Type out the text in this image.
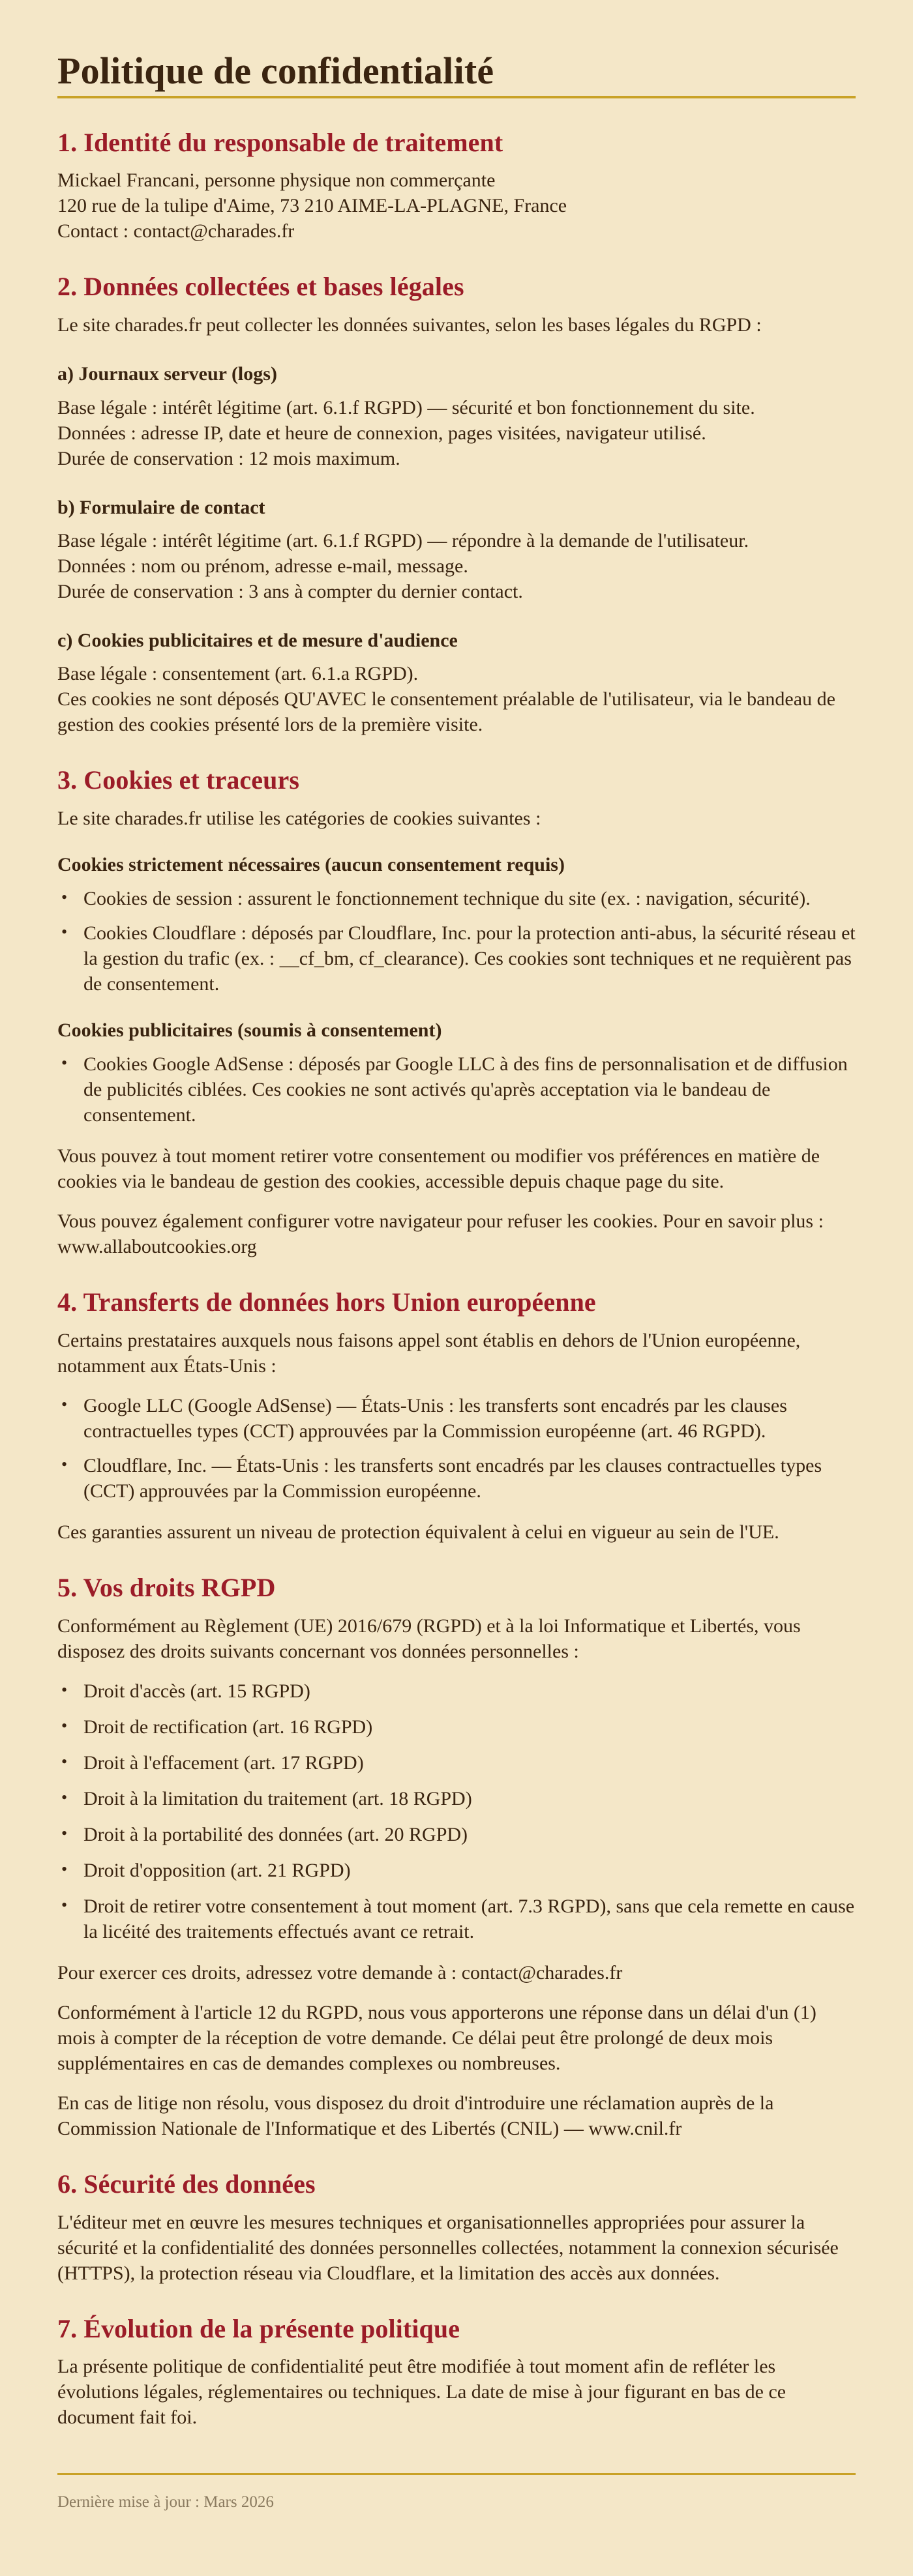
Politique de confidentialité
1. Identité du responsable de traitement

Mickael Francani, personne physique non commerçante
120 rue de la tulipe d'Aime, 73 210 AIME-LA-PLAGNE, France
Contact : contact@charades.fr

2. Données collectées et bases légales

Le site charades.fr peut collecter les données suivantes, selon les bases légales du RGPD :

a) Journaux serveur (logs)

Base légale : intérêt légitime (art. 6.1.f RGPD) — sécurité et bon fonctionnement du site.
Données : adresse IP, date et heure de connexion, pages visitées, navigateur utilisé.
Durée de conservation : 12 mois maximum.

b) Formulaire de contact

Base légale : intérêt légitime (art. 6.1.f RGPD) — répondre à la demande de l'utilisateur.
Données : nom ou prénom, adresse e-mail, message.
Durée de conservation : 3 ans à compter du dernier contact.

c) Cookies publicitaires et de mesure d'audience

Base légale : consentement (art. 6.1.a RGPD).
Ces cookies ne sont déposés QU'AVEC le consentement préalable de l'utilisateur, via le bandeau de gestion des cookies présenté lors de la première visite.

3. Cookies et traceurs

Le site charades.fr utilise les catégories de cookies suivantes :

Cookies strictement nécessaires (aucun consentement requis)
• Cookies de session : assurent le fonctionnement technique du site (ex. : navigation, sécurité).
• Cookies Cloudflare : déposés par Cloudflare, Inc. pour la protection anti-abus, la sécurité réseau et la gestion du trafic (ex. : __cf_bm, cf_clearance). Ces cookies sont techniques et ne requièrent pas de consentement.
Cookies publicitaires (soumis à consentement)
• Cookies Google AdSense : déposés par Google LLC à des fins de personnalisation et de diffusion de publicités ciblées. Ces cookies ne sont activés qu'après acceptation via le bandeau de consentement.

Vous pouvez à tout moment retirer votre consentement ou modifier vos préférences en matière de cookies via le bandeau de gestion des cookies, accessible depuis chaque page du site.

Vous pouvez également configurer votre navigateur pour refuser les cookies. Pour en savoir plus : www.allaboutcookies.org

4. Transferts de données hors Union européenne

Certains prestataires auxquels nous faisons appel sont établis en dehors de l'Union européenne, notamment aux États-Unis :

• Google LLC (Google AdSense) — États-Unis : les transferts sont encadrés par les clauses contractuelles types (CCT) approuvées par la Commission européenne (art. 46 RGPD).
• Cloudflare, Inc. — États-Unis : les transferts sont encadrés par les clauses contractuelles types (CCT) approuvées par la Commission européenne.

Ces garanties assurent un niveau de protection équivalent à celui en vigueur au sein de l'UE.

5. Vos droits RGPD

Conformément au Règlement (UE) 2016/679 (RGPD) et à la loi Informatique et Libertés, vous disposez des droits suivants concernant vos données personnelles :

• Droit d'accès (art. 15 RGPD)
• Droit de rectification (art. 16 RGPD)
• Droit à l'effacement (art. 17 RGPD)
• Droit à la limitation du traitement (art. 18 RGPD)
• Droit à la portabilité des données (art. 20 RGPD)
• Droit d'opposition (art. 21 RGPD)
• Droit de retirer votre consentement à tout moment (art. 7.3 RGPD), sans que cela remette en cause la licéité des traitements effectués avant ce retrait.

Pour exercer ces droits, adressez votre demande à : contact@charades.fr

Conformément à l'article 12 du RGPD, nous vous apporterons une réponse dans un délai d'un (1) mois à compter de la réception de votre demande. Ce délai peut être prolongé de deux mois supplémentaires en cas de demandes complexes ou nombreuses.

En cas de litige non résolu, vous disposez du droit d'introduire une réclamation auprès de la Commission Nationale de l'Informatique et des Libertés (CNIL) — www.cnil.fr

6. Sécurité des données

L'éditeur met en œuvre les mesures techniques et organisationnelles appropriées pour assurer la sécurité et la confidentialité des données personnelles collectées, notamment la connexion sécurisée (HTTPS), la protection réseau via Cloudflare, et la limitation des accès aux données.

7. Évolution de la présente politique

La présente politique de confidentialité peut être modifiée à tout moment afin de refléter les évolutions légales, réglementaires ou techniques. La date de mise à jour figurant en bas de ce document fait foi.

Dernière mise à jour : Mars 2026
